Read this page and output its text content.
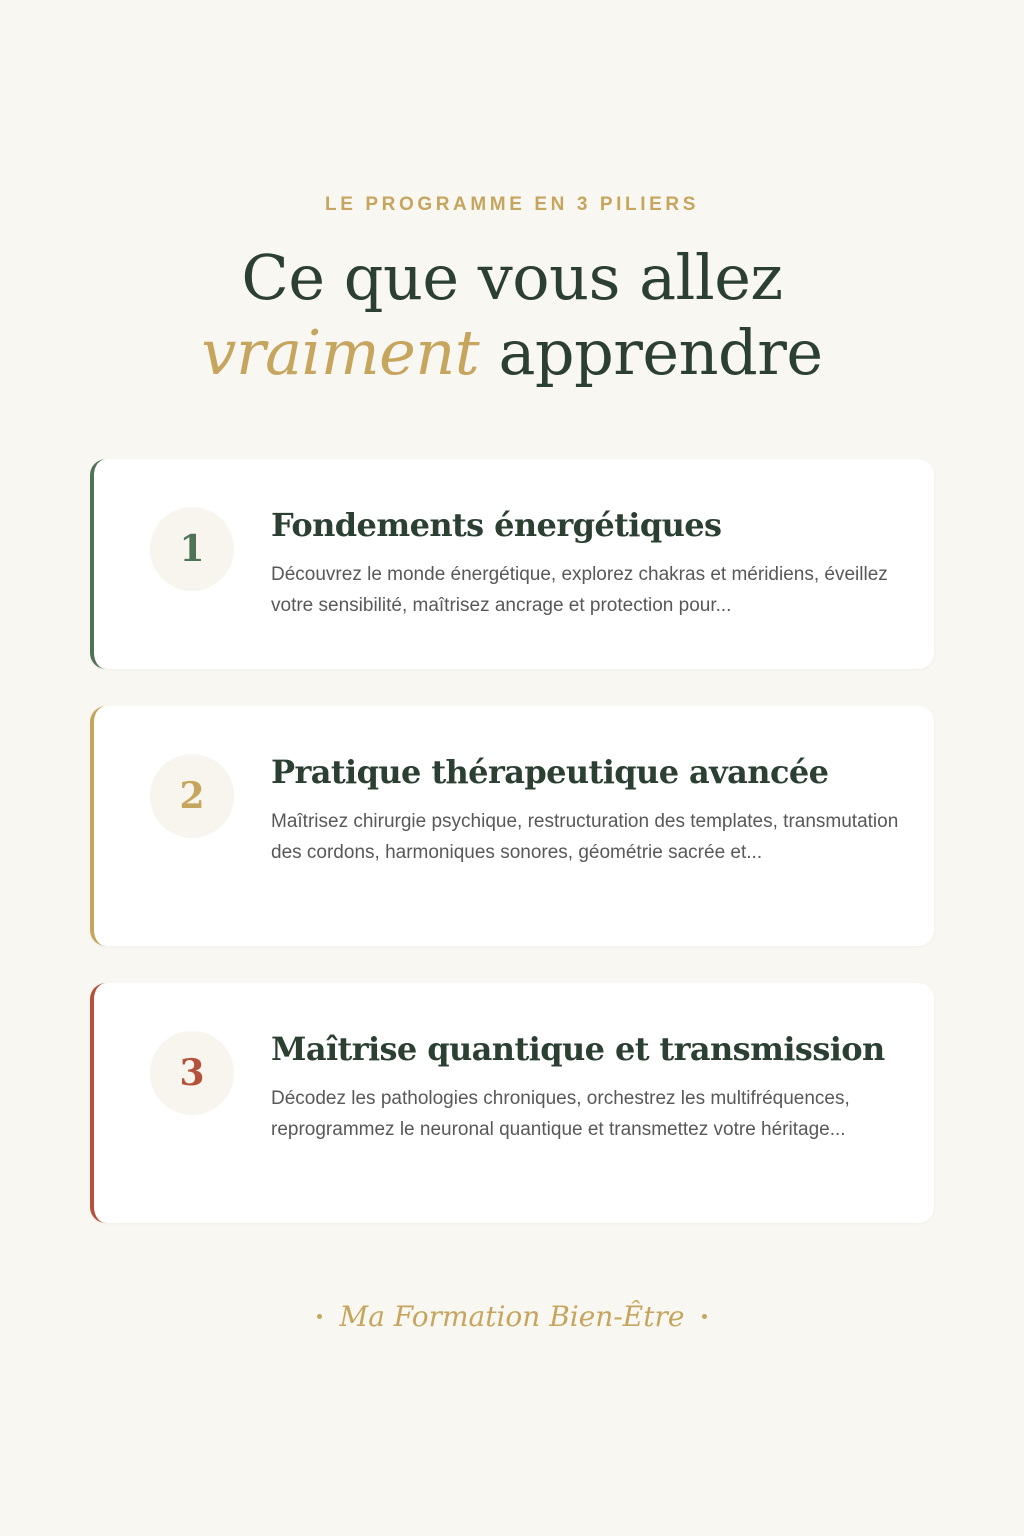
LE PROGRAMME EN 3 PILIERS
Ce que vous allez
vraiment apprendre
1
Fondements énergétiques

Découvrez le monde énergétique, explorez chakras et méridiens, éveillez votre sensibilité, maîtrisez ancrage et protection pour...

2
Pratique thérapeutique avancée

Maîtrisez chirurgie psychique, restructuration des templates, transmutation des cordons, harmoniques sonores, géométrie sacrée et...

3
Maîtrise quantique et transmission

Décodez les pathologies chroniques, orchestrez les multifréquences, reprogrammez le neuronal quantique et transmettez votre héritage...

Ma Formation Bien-Être
